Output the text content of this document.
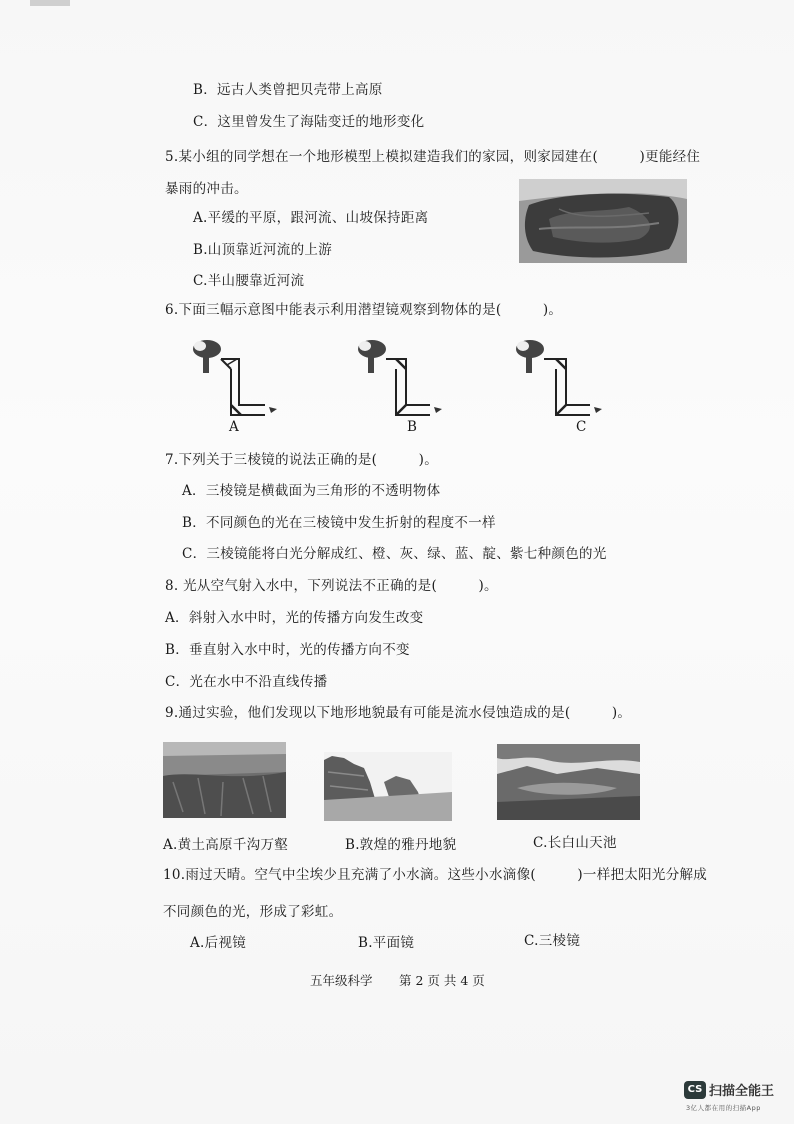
B．远古人类曾把贝壳带上高原
C．这里曾发生了海陆变迁的地形变化
5.某小组的同学想在一个地形模型上模拟建造我们的家园，则家园建在(　　　)更能经住
暴雨的冲击。
A.平缓的平原，跟河流、山坡保持距离
B.山顶靠近河流的上游
C.半山腰靠近河流
6.下面三幅示意图中能表示利用潜望镜观察到物体的是(　　　)。
A	B	C
7.下列关于三棱镜的说法正确的是(　　　)。
A．三棱镜是横截面为三角形的不透明物体
B．不同颜色的光在三棱镜中发生折射的程度不一样
C．三棱镜能将白光分解成红、橙、灰、绿、蓝、靛、紫七种颜色的光
8. 光从空气射入水中，下列说法不正确的是(　　　)。
A．斜射入水中时，光的传播方向发生改变
B．垂直射入水中时，光的传播方向不变
C．光在水中不沿直线传播
9.通过实验，他们发现以下地形地貌最有可能是流水侵蚀造成的是(　　　)。
A.黄土高原千沟万壑	B.敦煌的雅丹地貌	C.长白山天池
10.雨过天晴。空气中尘埃少且充满了小水滴。这些小水滴像(　　　)一样把太阳光分解成
不同颜色的光，形成了彩虹。
A.后视镜	B.平面镜	C.三棱镜
五年级科学 第 2 页 共 4 页
CS 扫描全能王
3亿人都在用的扫描App
